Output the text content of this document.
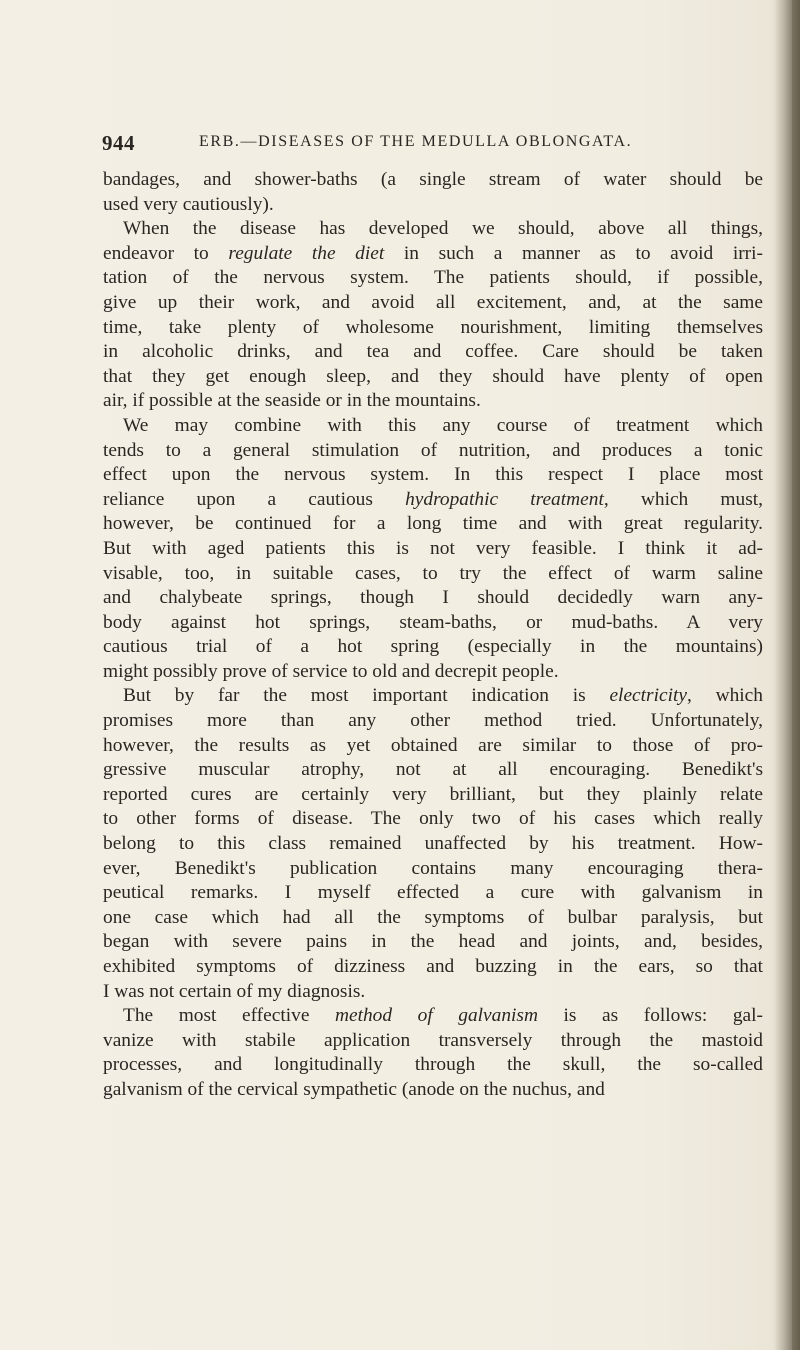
944	ERB.—DISEASES OF THE MEDULLA OBLONGATA.
bandages, and shower-baths (a single stream of water should be
used very cautiously).
When the disease has developed we should, above all things,
endeavor to regulate the diet in such a manner as to avoid irri-
tation of the nervous system. The patients should, if possible,
give up their work, and avoid all excitement, and, at the same
time, take plenty of wholesome nourishment, limiting themselves
in alcoholic drinks, and tea and coffee. Care should be taken
that they get enough sleep, and they should have plenty of open
air, if possible at the seaside or in the mountains.
We may combine with this any course of treatment which
tends to a general stimulation of nutrition, and produces a tonic
effect upon the nervous system. In this respect I place most
reliance upon a cautious hydropathic treatment, which must,
however, be continued for a long time and with great regularity.
But with aged patients this is not very feasible. I think it ad-
visable, too, in suitable cases, to try the effect of warm saline
and chalybeate springs, though I should decidedly warn any-
body against hot springs, steam-baths, or mud-baths. A very
cautious trial of a hot spring (especially in the mountains)
might possibly prove of service to old and decrepit people.
But by far the most important indication is electricity, which
promises more than any other method tried. Unfortunately,
however, the results as yet obtained are similar to those of pro-
gressive muscular atrophy, not at all encouraging. Benedikt's
reported cures are certainly very brilliant, but they plainly relate
to other forms of disease. The only two of his cases which really
belong to this class remained unaffected by his treatment. How-
ever, Benedikt's publication contains many encouraging thera-
peutical remarks. I myself effected a cure with galvanism in
one case which had all the symptoms of bulbar paralysis, but
began with severe pains in the head and joints, and, besides,
exhibited symptoms of dizziness and buzzing in the ears, so that
I was not certain of my diagnosis.
The most effective method of galvanism is as follows: gal-
vanize with stabile application transversely through the mastoid
processes, and longitudinally through the skull, the so-called
galvanism of the cervical sympathetic (anode on the nuchus, and
